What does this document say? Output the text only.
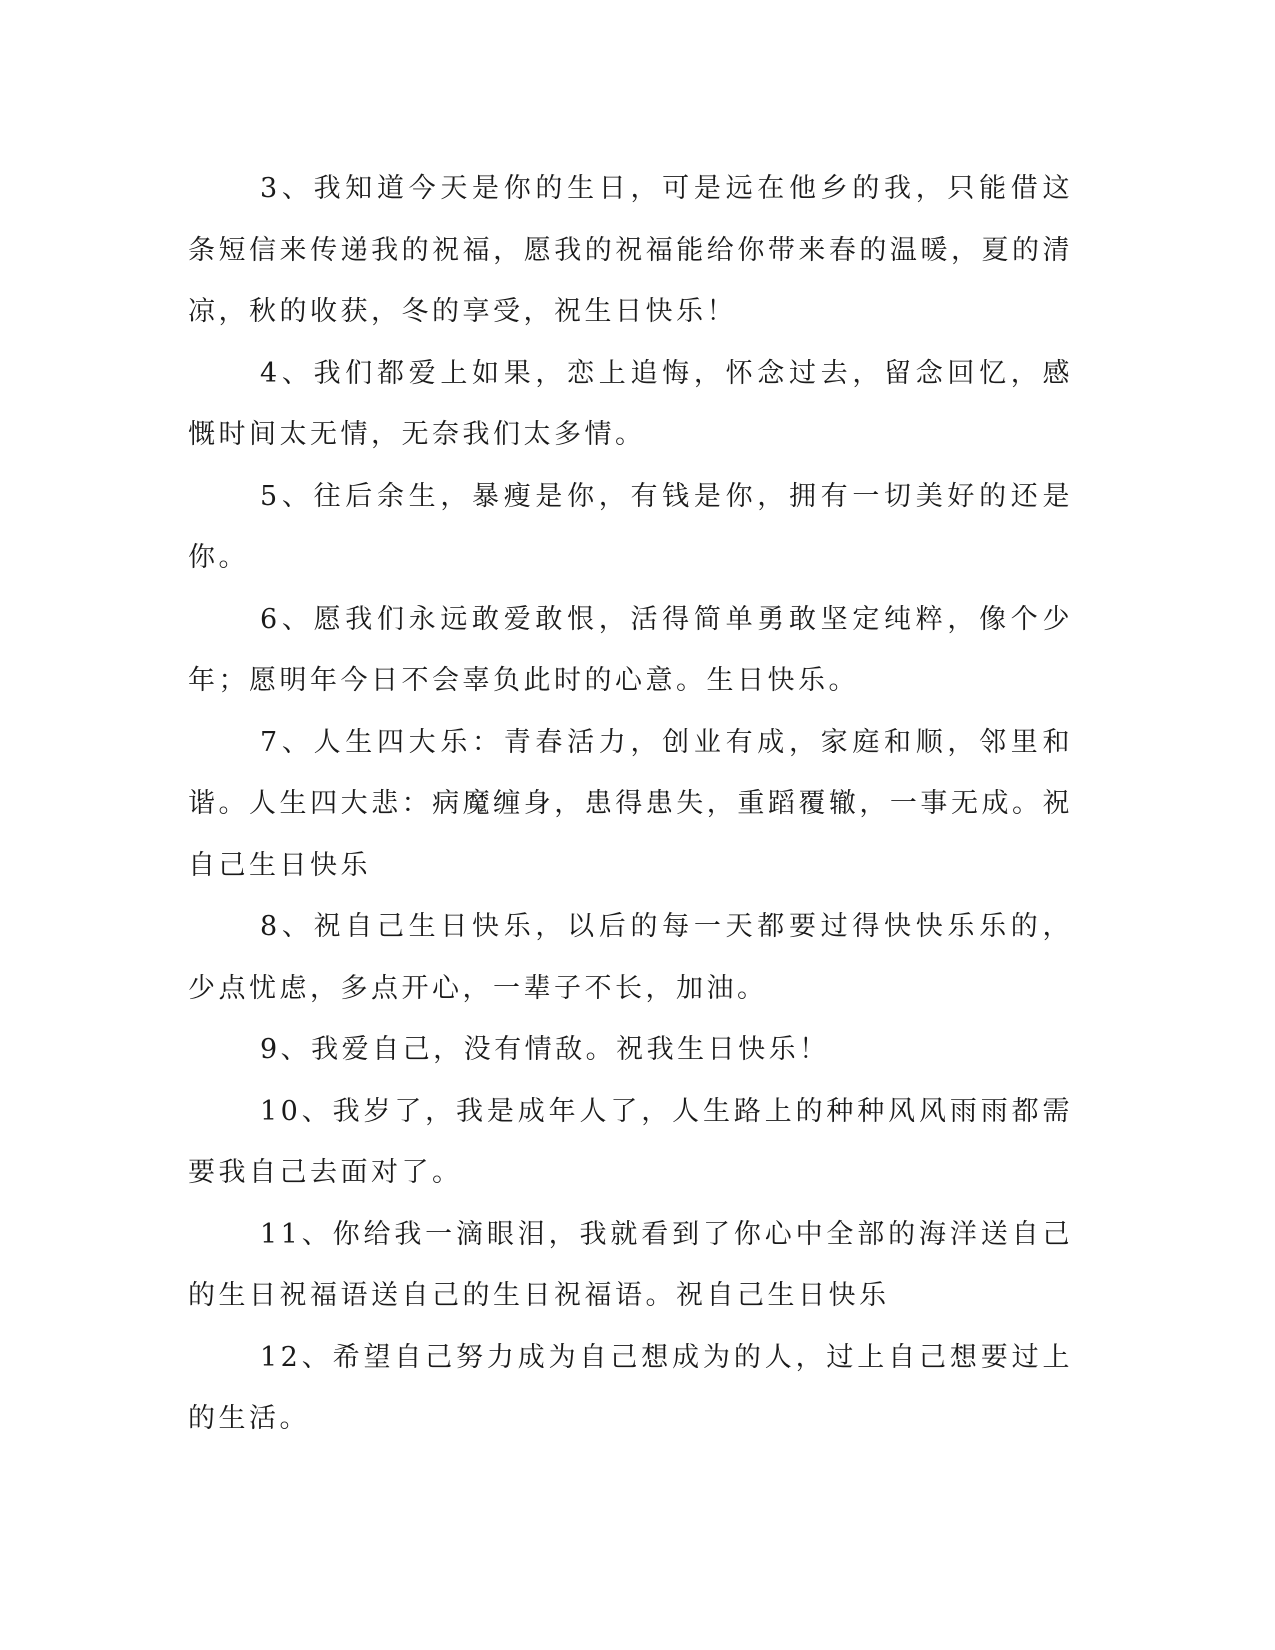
3、我知道今天是你的生日，可是远在他乡的我，只能借这条短信来传递我的祝福，愿我的祝福能给你带来春的温暖，夏的清凉，秋的收获，冬的享受，祝生日快乐！

4、我们都爱上如果，恋上追悔，怀念过去，留念回忆，感慨时间太无情，无奈我们太多情。

5、往后余生，暴瘦是你，有钱是你，拥有一切美好的还是你。

6、愿我们永远敢爱敢恨，活得简单勇敢坚定纯粹，像个少年；愿明年今日不会辜负此时的心意。生日快乐。

7、人生四大乐：青春活力，创业有成，家庭和顺，邻里和谐。人生四大悲：病魔缠身，患得患失，重蹈覆辙，一事无成。祝自己生日快乐

8、祝自己生日快乐，以后的每一天都要过得快快乐乐的，少点忧虑，多点开心，一辈子不长，加油。

9、我爱自己，没有情敌。祝我生日快乐！

10、我岁了，我是成年人了，人生路上的种种风风雨雨都需要我自己去面对了。

11、你给我一滴眼泪，我就看到了你心中全部的海洋送自己的生日祝福语送自己的生日祝福语。祝自己生日快乐

12、希望自己努力成为自己想成为的人，过上自己想要过上的生活。
